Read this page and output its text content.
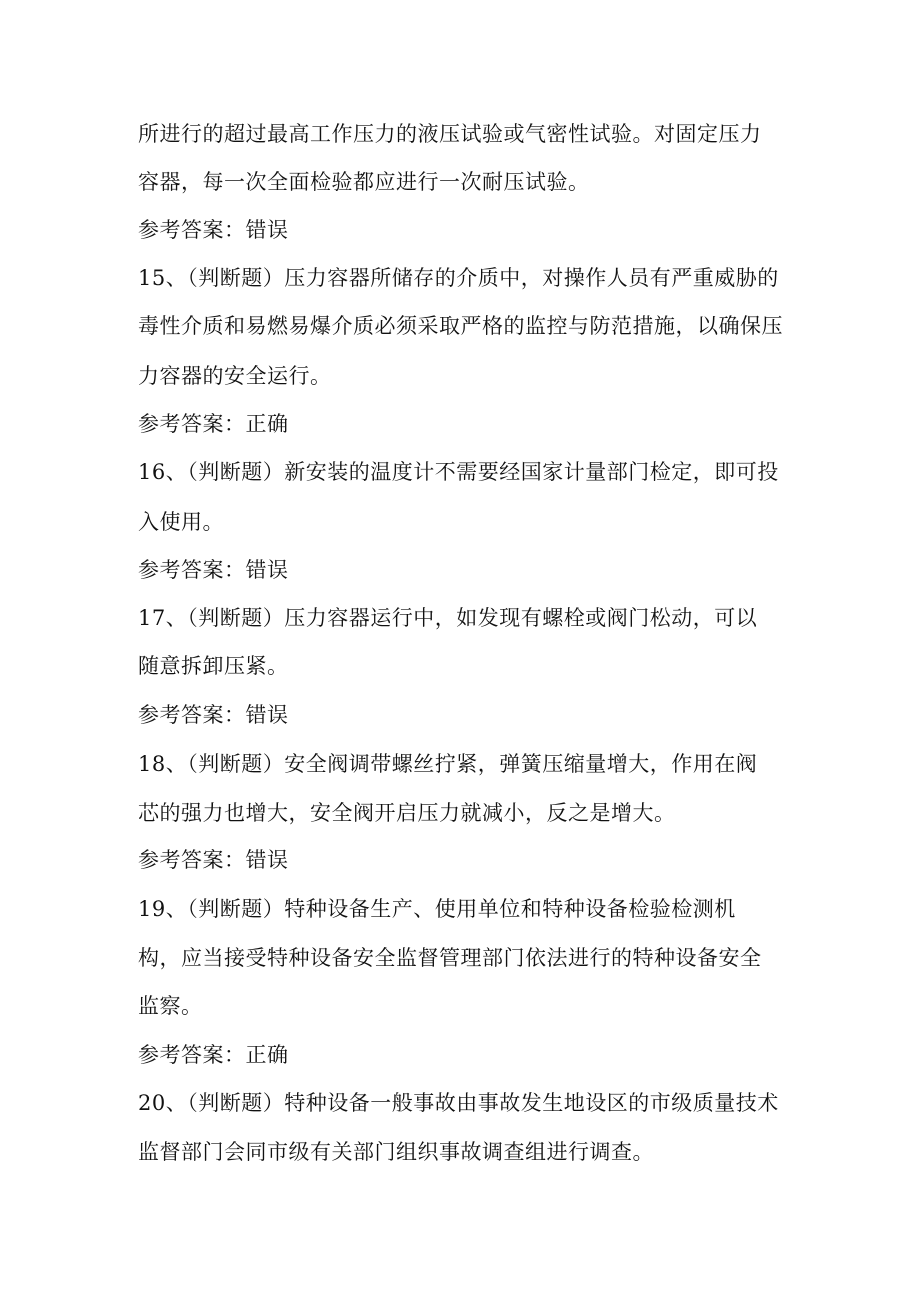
所进行的超过最高工作压力的液压试验或气密性试验。对固定压力
容器，每一次全面检验都应进行一次耐压试验。
参考答案：错误
15、（判断题）压力容器所储存的介质中，对操作人员有严重威胁的
毒性介质和易燃易爆介质必须采取严格的监控与防范措施，以确保压
力容器的安全运行。
参考答案：正确
16、（判断题）新安装的温度计不需要经国家计量部门检定，即可投
入使用。
参考答案：错误
17、（判断题）压力容器运行中，如发现有螺栓或阀门松动，可以
随意拆卸压紧。
参考答案：错误
18、（判断题）安全阀调带螺丝拧紧，弹簧压缩量增大，作用在阀
芯的强力也增大，安全阀开启压力就减小，反之是增大。
参考答案：错误
19、（判断题）特种设备生产、使用单位和特种设备检验检测机
构，应当接受特种设备安全监督管理部门依法进行的特种设备安全
监察。
参考答案：正确
20、（判断题）特种设备一般事故由事故发生地设区的市级质量技术
监督部门会同市级有关部门组织事故调查组进行调查。
